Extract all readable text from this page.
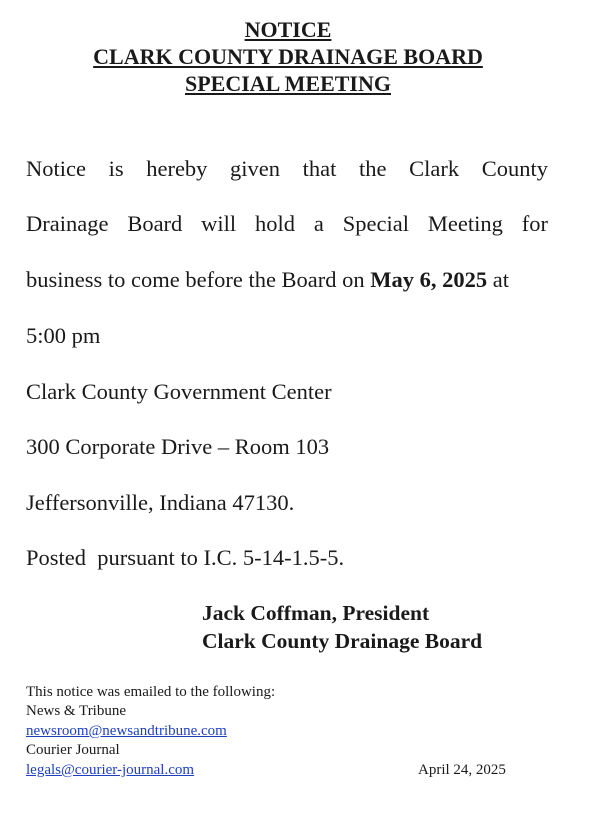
NOTICE
CLARK COUNTY DRAINAGE BOARD
SPECIAL MEETING
Notice is hereby given that the Clark County
Drainage Board will hold a Special Meeting for
business to come before the Board on May 6, 2025 at
5:00 pm
Clark County Government Center
300 Corporate Drive – Room 103
Jeffersonville, Indiana 47130.
Posted  pursuant to I.C. 5-14-1.5-5.
Jack Coffman, President
Clark County Drainage Board
This notice was emailed to the following:
News & Tribune
newsroom@newsandtribune.com
Courier Journal
legals@courier-journal.com	April 24, 2025
